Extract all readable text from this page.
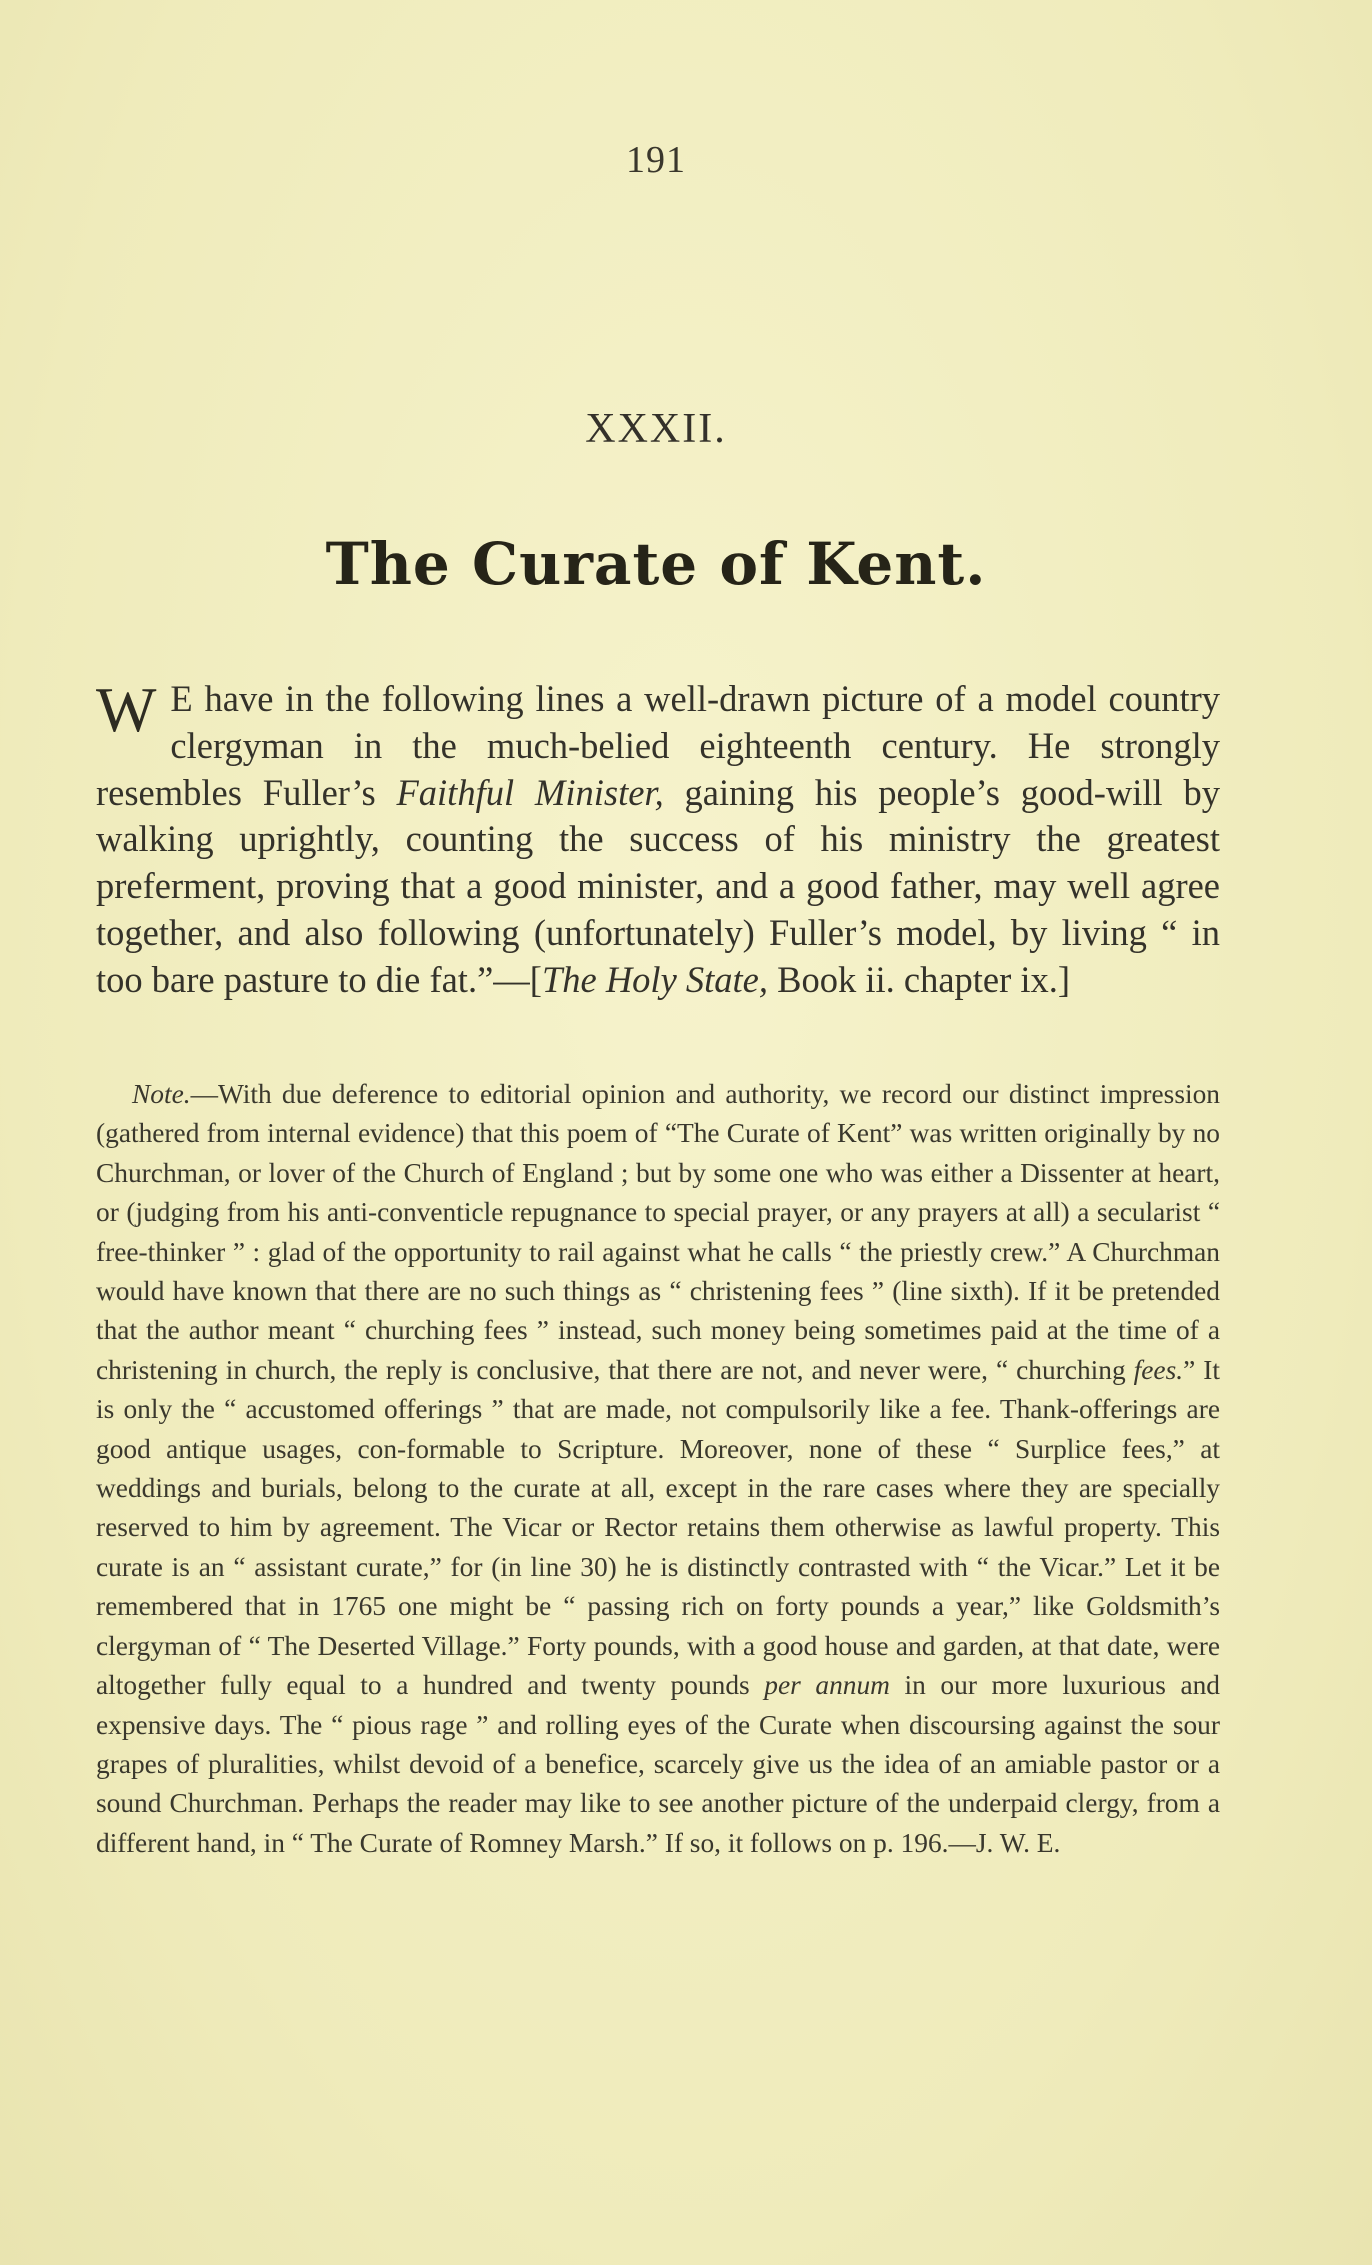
191
XXXII.
The Curate of Kent.

W E have in the following lines a well-drawn picture of a model country clergyman in the much-belied eighteenth century. He strongly resembles Fuller’s Faithful Minister, gaining his people’s good-will by walking uprightly, counting the success of his ministry the greatest preferment, proving that a good minister, and a good father, may well agree together, and also following (unfortunately) Fuller’s model, by living “ in too bare pasture to die fat.”—[The Holy State, Book ii. chapter ix.]

Note.—With due deference to editorial opinion and authority, we record our distinct impression (gathered from internal evidence) that this poem of “The Curate of Kent” was written originally by no Churchman, or lover of the Church of England ; but by some one who was either a Dissenter at heart, or (judging from his anti-conventicle repugnance to special prayer, or any prayers at all) a secularist “ free-thinker ” : glad of the opportunity to rail against what he calls “ the priestly crew.” A Churchman would have known that there are no such things as “ christening fees ” (line sixth). If it be pretended that the author meant “ churching fees ” instead, such money being sometimes paid at the time of a christening in church, the reply is conclusive, that there are not, and never were, “ churching fees.” It is only the “ accustomed offerings ” that are made, not compulsorily like a fee. Thank-offerings are good antique usages, con-formable to Scripture. Moreover, none of these “ Surplice fees,” at weddings and burials, belong to the curate at all, except in the rare cases where they are specially reserved to him by agreement. The Vicar or Rector retains them otherwise as lawful property. This curate is an “ assistant curate,” for (in line 30) he is distinctly contrasted with “ the Vicar.” Let it be remembered that in 1765 one might be “ passing rich on forty pounds a year,” like Goldsmith’s clergyman of “ The Deserted Village.” Forty pounds, with a good house and garden, at that date, were altogether fully equal to a hundred and twenty pounds per annum in our more luxurious and expensive days. The “ pious rage ” and rolling eyes of the Curate when discoursing against the sour grapes of pluralities, whilst devoid of a benefice, scarcely give us the idea of an amiable pastor or a sound Churchman. Perhaps the reader may like to see another picture of the underpaid clergy, from a different hand, in “ The Curate of Romney Marsh.” If so, it follows on p. 196.—J. W. E.
